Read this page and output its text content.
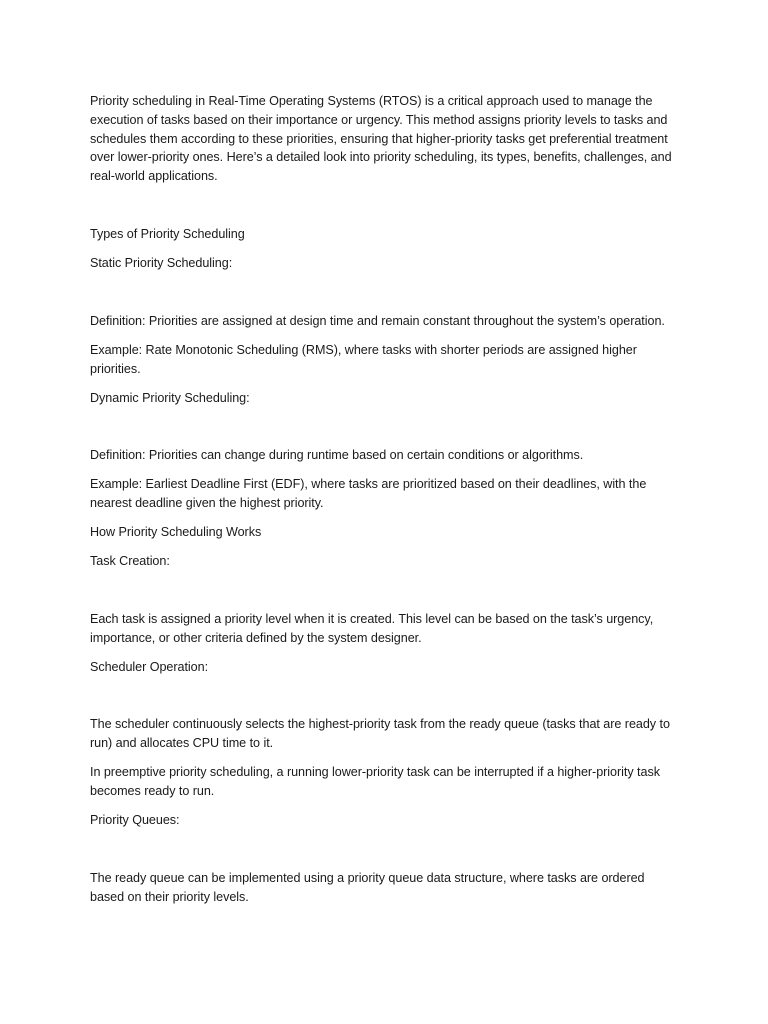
Priority scheduling in Real-Time Operating Systems (RTOS) is a critical approach used to manage the execution of tasks based on their importance or urgency. This method assigns priority levels to tasks and schedules them according to these priorities, ensuring that higher-priority tasks get preferential treatment over lower-priority ones. Here’s a detailed look into priority scheduling, its types, benefits, challenges, and real-world applications.

Types of Priority Scheduling

Static Priority Scheduling:

Definition: Priorities are assigned at design time and remain constant throughout the system’s operation.

Example: Rate Monotonic Scheduling (RMS), where tasks with shorter periods are assigned higher priorities.

Dynamic Priority Scheduling:

Definition: Priorities can change during runtime based on certain conditions or algorithms.

Example: Earliest Deadline First (EDF), where tasks are prioritized based on their deadlines, with the nearest deadline given the highest priority.

How Priority Scheduling Works

Task Creation:

Each task is assigned a priority level when it is created. This level can be based on the task’s urgency, importance, or other criteria defined by the system designer.

Scheduler Operation:

The scheduler continuously selects the highest-priority task from the ready queue (tasks that are ready to run) and allocates CPU time to it.

In preemptive priority scheduling, a running lower-priority task can be interrupted if a higher-priority task becomes ready to run.

Priority Queues:

The ready queue can be implemented using a priority queue data structure, where tasks are ordered based on their priority levels.
